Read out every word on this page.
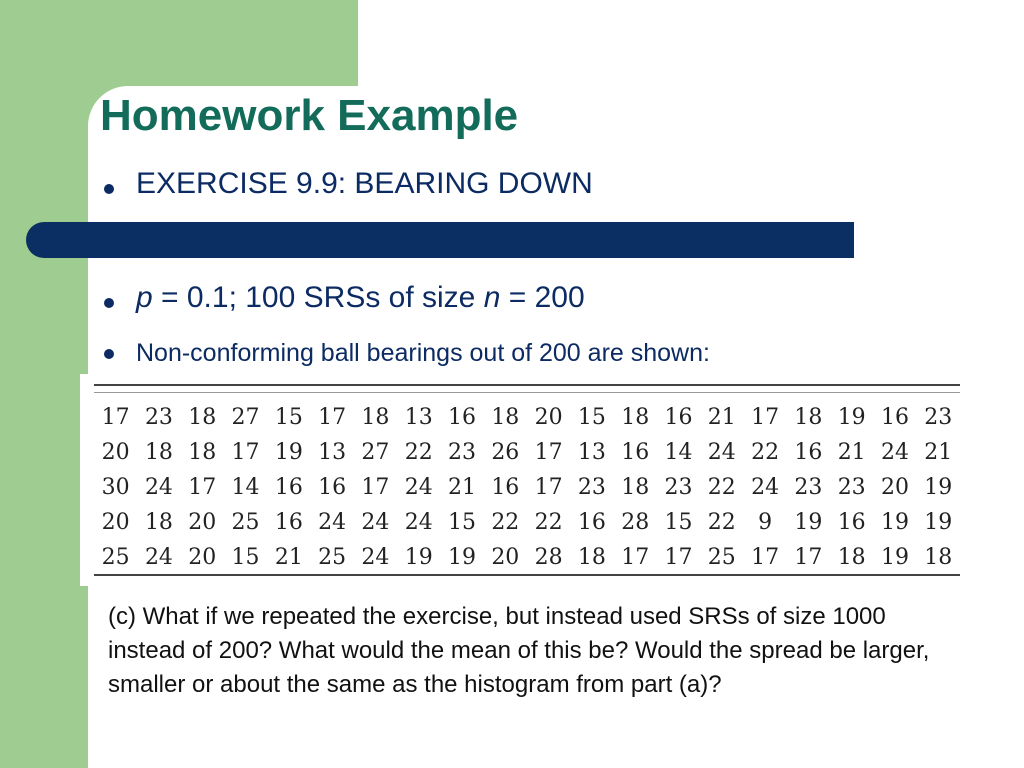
Homework Example
EXERCISE 9.9: BEARING DOWN
p = 0.1; 100 SRSs of size n = 200
Non-conforming ball bearings out of 200 are shown:
17 23 18 27 15 17 18 13 16 18 20 15 18 16 21 17 18 19 16 23
20 18 18 17 19 13 27 22 23 26 17 13 16 14 24 22 16 21 24 21
30 24 17 14 16 16 17 24 21 16 17 23 18 23 22 24 23 23 20 19
20 18 20 25 16 24 24 24 15 22 22 16 28 15 22	9	19 16 19 19
25 24 20 15 21 25 24 19 19 20 28 18 17 17 25 17 17 18 19 18

(c) What if we repeated the exercise, but instead used SRSs of size 1000 instead of 200? What would the mean of this be? Would the spread be larger, smaller or about the same as the histogram from part (a)?
